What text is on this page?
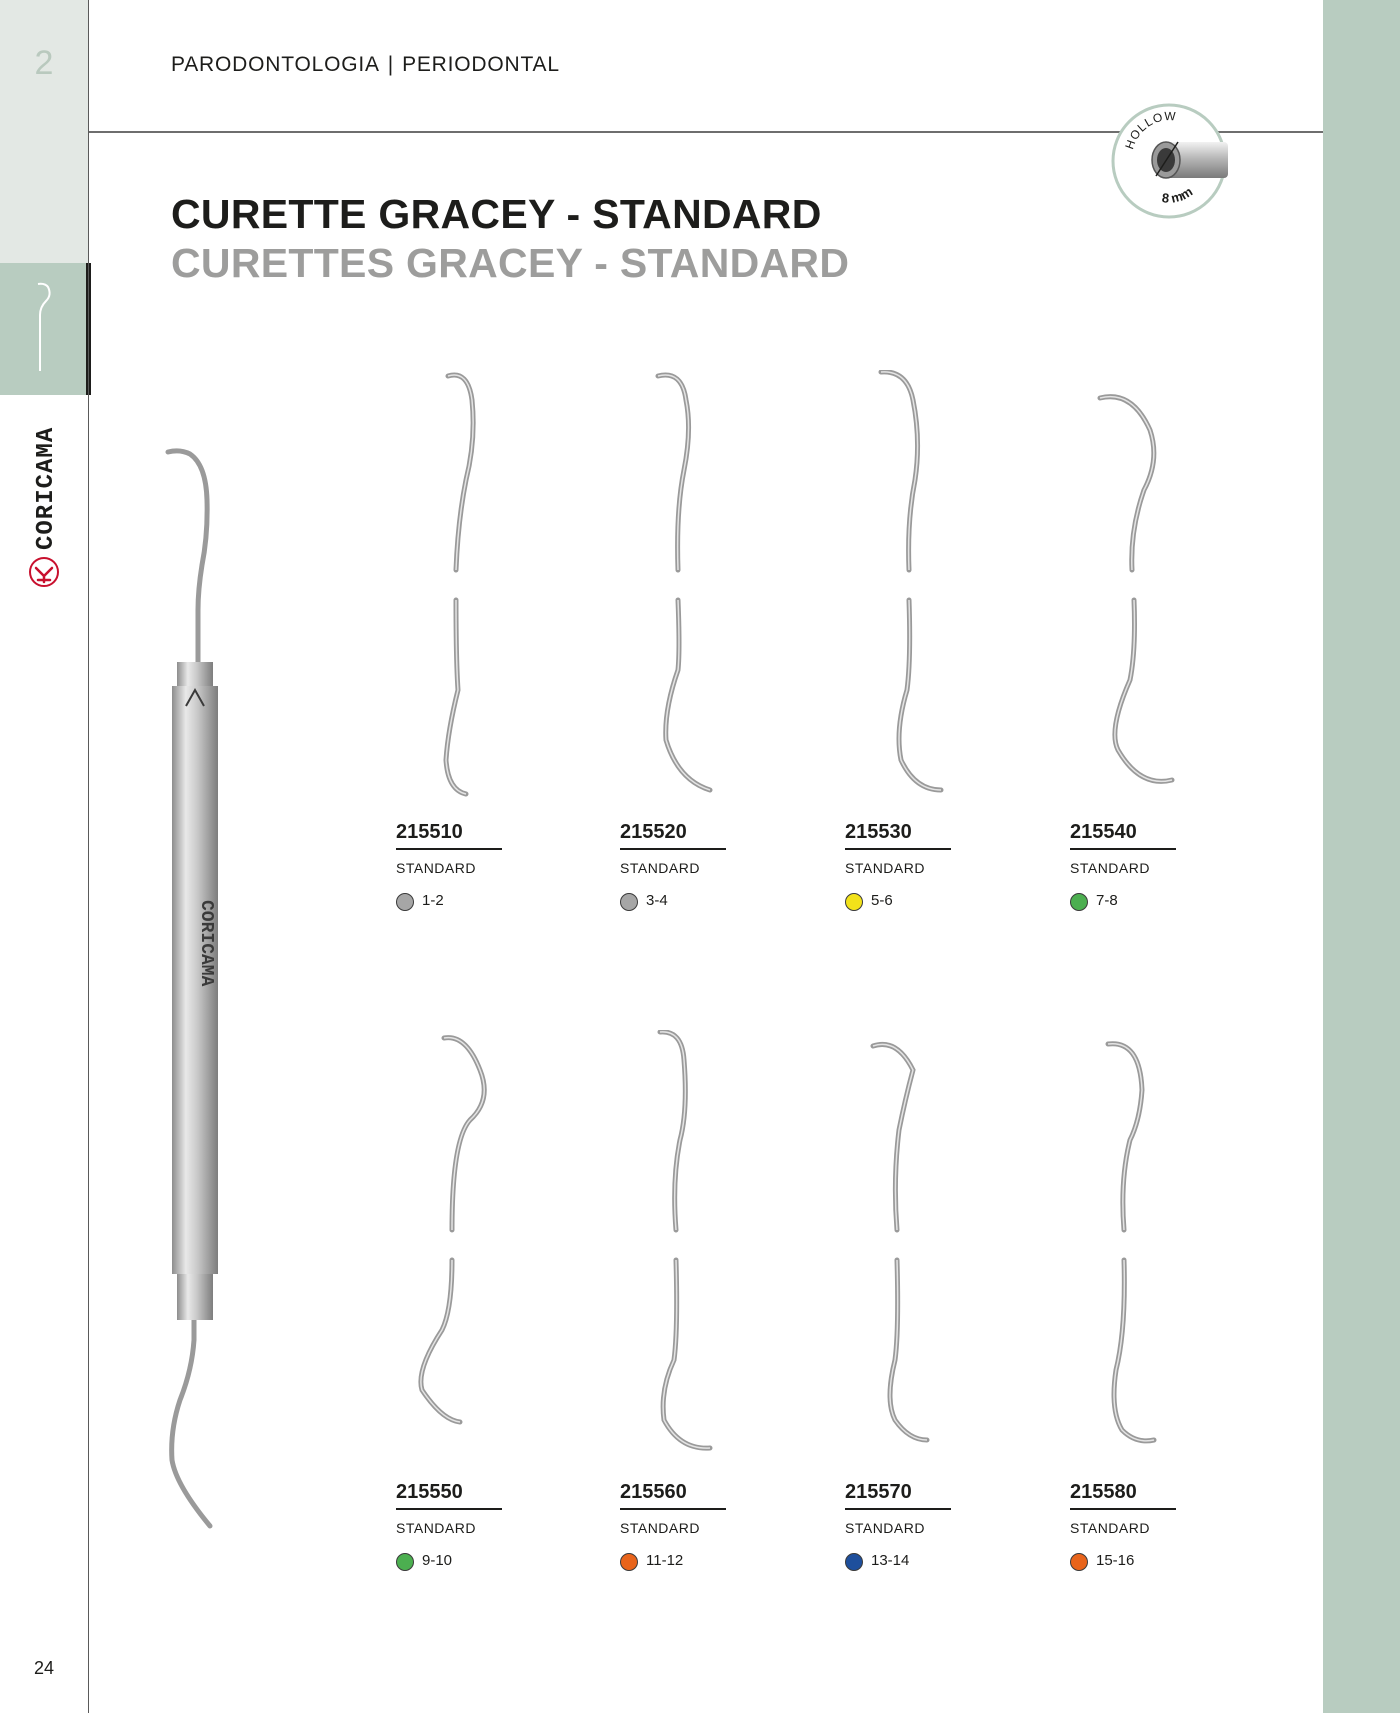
2
CORICAMA
24
PARODONTOLOGIA | PERIODONTAL
CURETTE GRACEY - STANDARD
CURETTES GRACEY - STANDARD
HOLLOW
8 mm
CORICAMA
215510
STANDARD
1-2
215520
STANDARD
3-4
215530
STANDARD
5-6
215540
STANDARD
7-8
215550
STANDARD
9-10
215560
STANDARD
11-12
215570
STANDARD
13-14
215580
STANDARD
15-16
